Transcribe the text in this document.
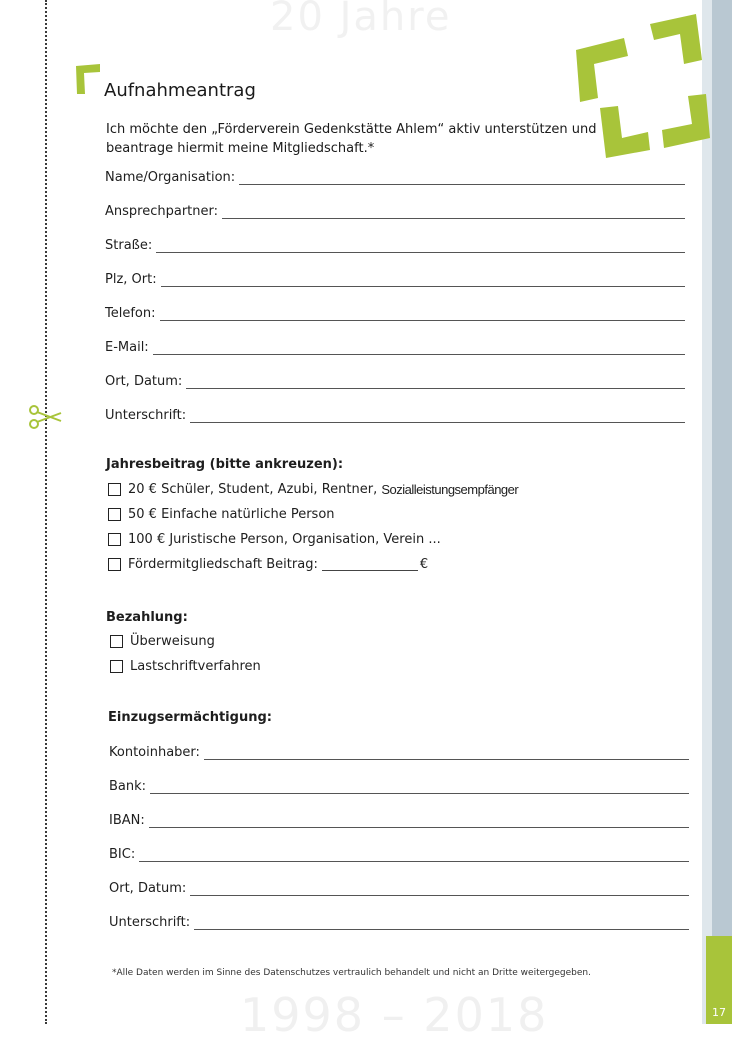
20 Jahre
1998 – 2018	17
Aufnahmeantrag
Ich möchte den „Förderverein Gedenkstätte Ahlem“ aktiv unterstützen und beantrage hiermit meine Mitgliedschaft.*
Name/Organisation:
Ansprechpartner:
Straße:
Plz, Ort:
Telefon:
E-Mail:
Ort, Datum:
Unterschrift:
Jahresbeitrag (bitte ankreuzen):
20 € Schüler, Student, Azubi, Rentner,
Sozialleistungsempfänger
50 € Einfache natürliche Person
100 € Juristische Person, Organisation, Verein ...
Fördermitgliedschaft Beitrag:	€
Bezahlung:
Überweisung
Lastschriftverfahren
Einzugsermächtigung:
Kontoinhaber:
Bank:
IBAN:
BIC:
Ort, Datum:
Unterschrift:
*Alle Daten werden im Sinne des Datenschutzes vertraulich behandelt und nicht an Dritte weitergegeben.
